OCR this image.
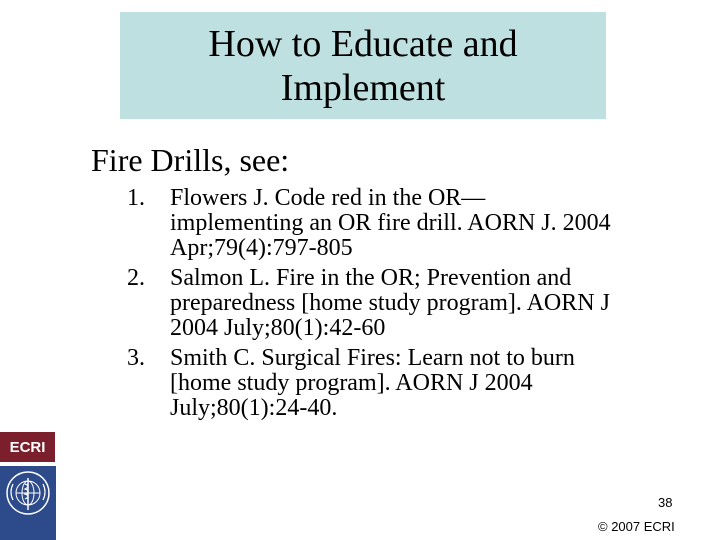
How to Educate and
Implement
Fire Drills, see:
1. Flowers J. Code red in the OR—
implementing an OR fire drill. AORN J. 2004
Apr;79(4):797-805
2. Salmon L. Fire in the OR; Prevention and
preparedness [home study program]. AORN J
2004 July;80(1):42-60
3. Smith C. Surgical Fires: Learn not to burn
[home study program]. AORN J 2004
July;80(1):24-40.
ECRI
38
© 2007 ECRI
